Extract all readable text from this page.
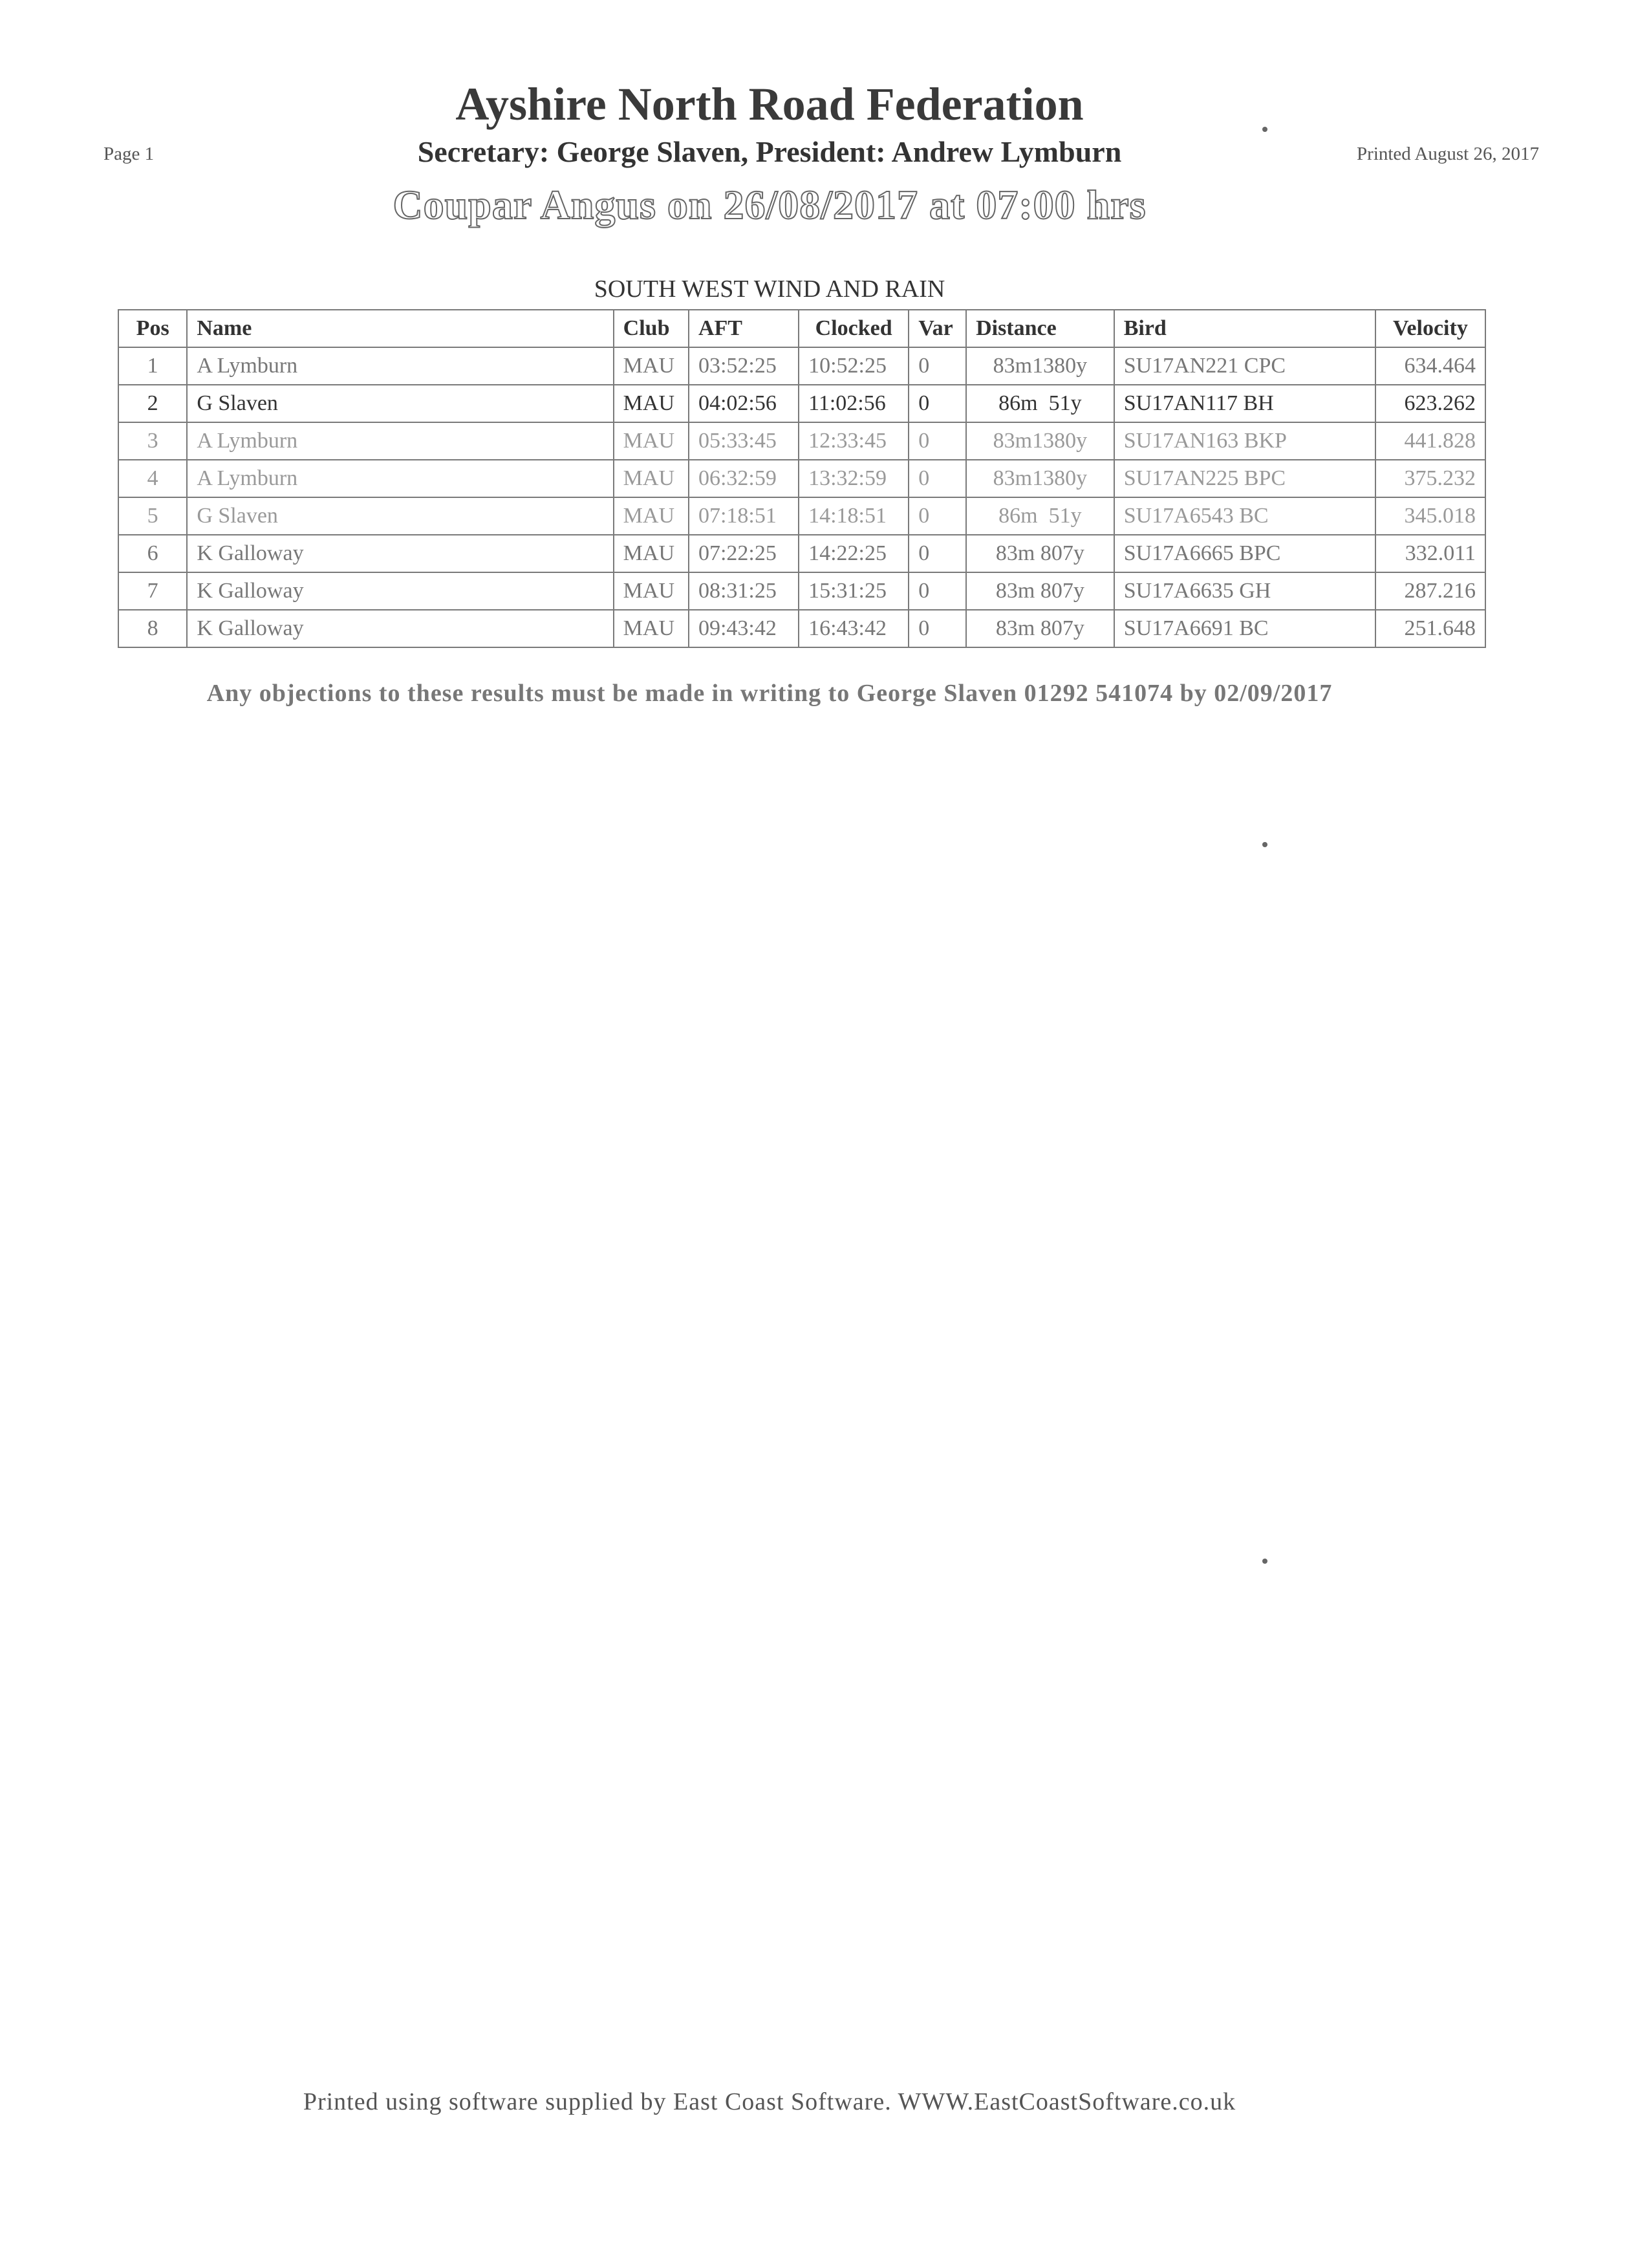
Page 1
Ayshire North Road Federation
Secretary: George Slaven, President: Andrew Lymburn	Printed August 26, 2017
Coupar Angus on 26/08/2017 at 07:00 hrs
SOUTH WEST WIND AND RAIN
Pos	Name	Club	AFT	Clocked	Var	Distance	Bird	Velocity
1	A Lymburn	MAU	03:52:25	10:52:25	0	83m1380y	SU17AN221 CPC	634.464
2	G Slaven	MAU	04:02:56	11:02:56	0	86m  51y	SU17AN117 BH	623.262
3	A Lymburn	MAU	05:33:45	12:33:45	0	83m1380y	SU17AN163 BKP	441.828
4	A Lymburn	MAU	06:32:59	13:32:59	0	83m1380y	SU17AN225 BPC	375.232
5	G Slaven	MAU	07:18:51	14:18:51	0	86m  51y	SU17A6543 BC	345.018
6	K Galloway	MAU	07:22:25	14:22:25	0	83m 807y	SU17A6665 BPC	332.011
7	K Galloway	MAU	08:31:25	15:31:25	0	83m 807y	SU17A6635 GH	287.216
8	K Galloway	MAU	09:43:42	16:43:42	0	83m 807y	SU17A6691 BC	251.648
Any objections to these results must be made in writing to George Slaven 01292 541074 by 02/09/2017
Printed using software supplied by East Coast Software. WWW.EastCoastSoftware.co.uk
